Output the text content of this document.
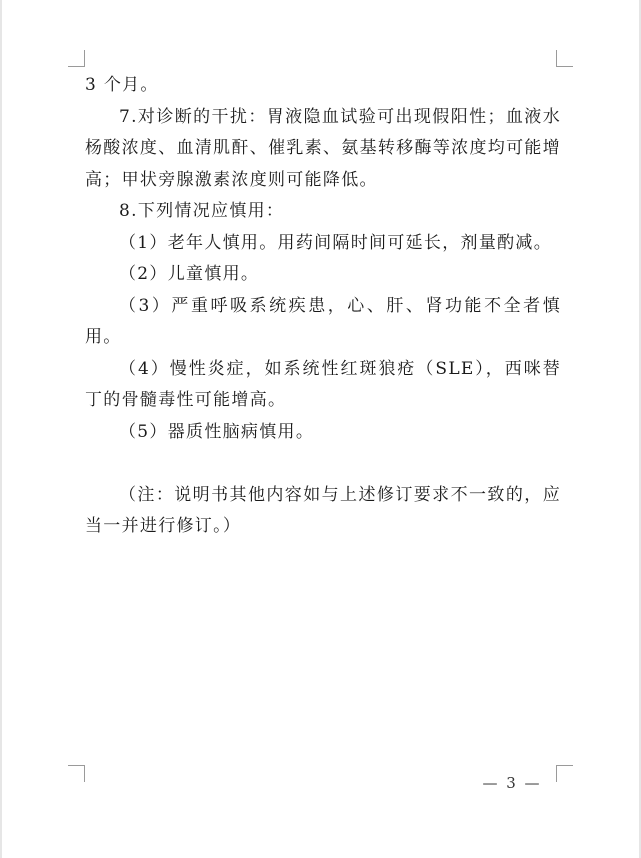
3 个月。

7.对诊断的干扰：胃液隐血试验可出现假阳性；血液水杨酸浓度、血清肌酐、催乳素、氨基转移酶等浓度均可能增高；甲状旁腺激素浓度则可能降低。

8.下列情况应慎用：

（1）老年人慎用。用药间隔时间可延长，剂量酌减。

（2）儿童慎用。

（3）严重呼吸系统疾患，心、肝、肾功能不全者慎用。

（4）慢性炎症，如系统性红斑狼疮（SLE），西咪替丁的骨髓毒性可能增高。

（5）器质性脑病慎用。

（注：说明书其他内容如与上述修订要求不一致的，应当一并进行修订。）

— 3 —
